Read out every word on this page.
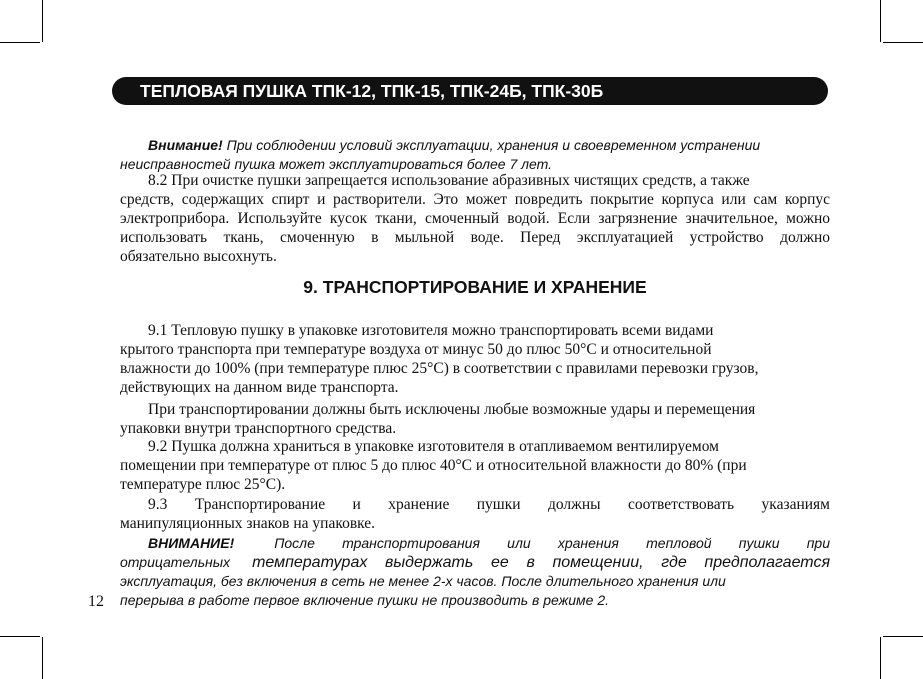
ТЕПЛОВАЯ ПУШКА ТПК-12, ТПК-15, ТПК-24Б, ТПК-30Б
Внимание! При соблюдении условий эксплуатации, хранения и своевременном устранении
неисправностей пушка может эксплуатироваться более 7 лет.
8.2 При очистке пушки запрещается использование абразивных чистящих средств, а также
средств, содержащих спирт и растворители. Это может повредить покрытие корпуса или сам корпус
электроприбора. Используйте кусок ткани, смоченный водой. Если загрязнение значительное, можно
использовать ткань, смоченную в мыльной воде. Перед эксплуатацией устройство должно
обязательно высохнуть.
9. ТРАНСПОРТИРОВАНИЕ И ХРАНЕНИЕ
9.1 Тепловую пушку в упаковке изготовителя можно транспортировать всеми видами
крытого транспорта при температуре воздуха от минус 50 до плюс 50°С и относительной
влажности до 100% (при температуре плюс 25°С) в соответствии с правилами перевозки грузов,
действующих на данном виде транспорта.
При транспортировании должны быть исключены любые возможные удары и перемещения
упаковки внутри транспортного средства.
9.2 Пушка должна храниться в упаковке изготовителя в отапливаемом вентилируемом
помещении при температуре от плюс 5 до плюс 40°С и относительной влажности до 80% (при
температуре плюс 25°С).
9.3 Транспортирование и хранение пушки должны соответствовать указаниям
манипуляционных знаков на упаковке.
ВНИМАНИЕ!	После транспортирования или хранения тепловой пушки при
отрицательных температурах выдержать ее в помещении, где предполагается
эксплуатация, без включения в сеть не менее 2-х часов. После длительного хранения или
перерыва в работе первое включение пушки не производить в режиме 2.
12
